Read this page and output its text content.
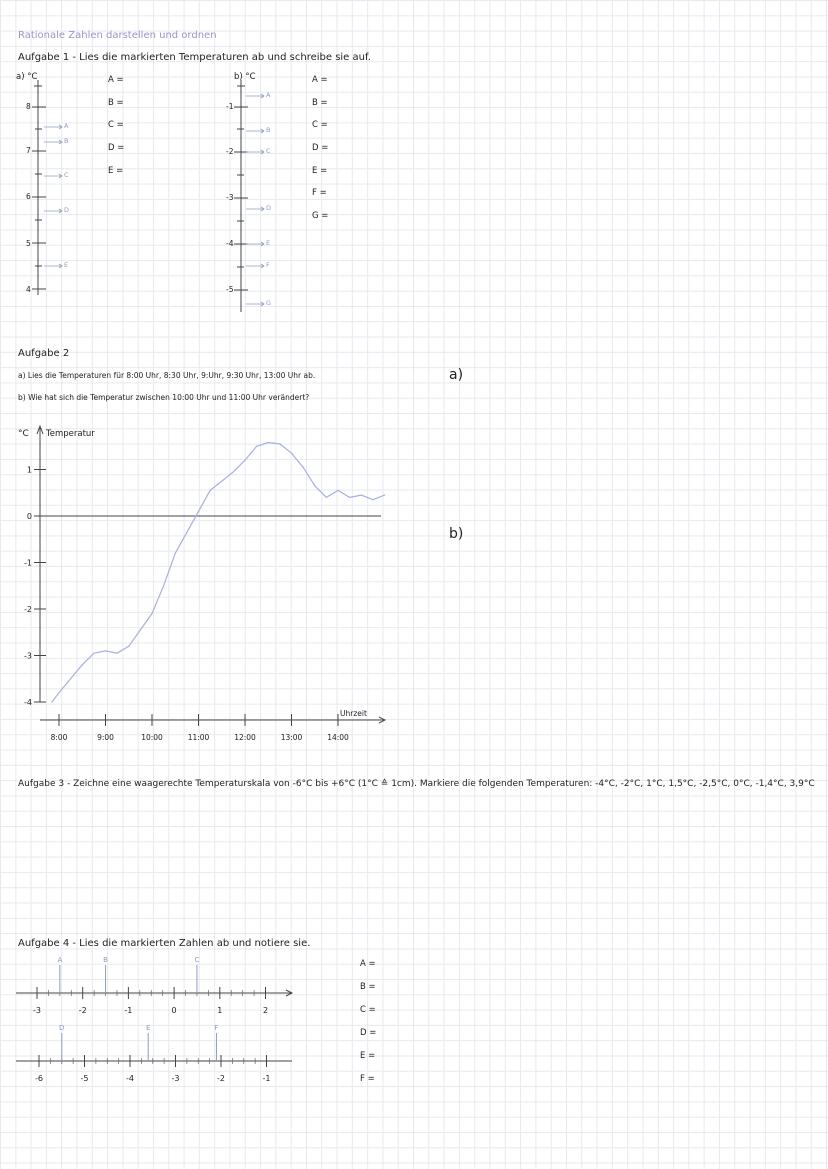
Rationale Zahlen darstellen und ordnen
Aufgabe 1 - Lies die markierten Temperaturen ab und schreibe sie auf.
a) °C
8
7
6
5
4
A
B
C
D
E
A =
B =
C =
D =
E =
b) °C
-1
-2
-3
-4
-5
A
B
C
D
E
F
G
A =
B =
C =
D =
E =
F =
G =
Aufgabe 2
a) Lies die Temperaturen für 8:00 Uhr, 8:30 Uhr, 9:Uhr, 9:30 Uhr, 13:00 Uhr ab.
b) Wie hat sich die Temperatur zwischen 10:00 Uhr und 11:00 Uhr verändert?
a)
b)
Aufgabe 3 - Zeichne eine waagerechte Temperaturskala von -6°C bis +6°C (1°C ≙ 1cm). Markiere die folgenden Temperaturen: -4°C, -2°C, 1°C, 1,5°C, -2,5°C, 0°C, -1,4°C, 3,9°C
Aufgabe 4 - Lies die markierten Zahlen ab und notiere sie.
A =
B =
C =
D =
E =
F =
°C Temperatur
Uhrzeit
1
0
-1
-2
-3
-4
8:00	9:00	10:00	11:00	12:00	13:00	14:00
-3	-2	-1	0	1	2
A	B	C
-6	-5	-4	-3	-2	-1
D	E	F
